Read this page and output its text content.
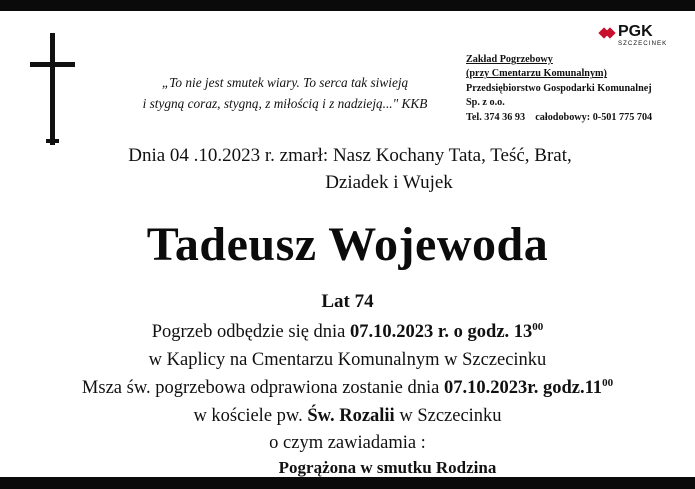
„To nie jest smutek wiary. To serca tak siwieją
i stygną coraz, stygną, z miłością i z nadzieją..." KKB
PGK
SZCZECINEK
Zakład Pogrzebowy
(przy Cmentarzu Komunalnym)
Przedsiębiorstwo Gospodarki Komunalnej
Sp. z o.o.
Tel. 374 36 93 całodobowy: 0-501 775 704
Dnia 04 .10.2023 r. zmarł: Nasz Kochany Tata, Teść, Brat,
Dziadek i Wujek
Tadeusz Wojewoda
Lat 74
Pogrzeb odbędzie się dnia 07.10.2023 r. o godz. $13^{00}$
w Kaplicy na Cmentarzu Komunalnym w Szczecinku
Msza św. pogrzebowa odprawiona zostanie dnia 07.10.2023r. $godz.11^{00}$
w kościele pw. Św. Rozalii w Szczecinku
o czym zawiadamia :
Pogrążona w smutku Rodzina
